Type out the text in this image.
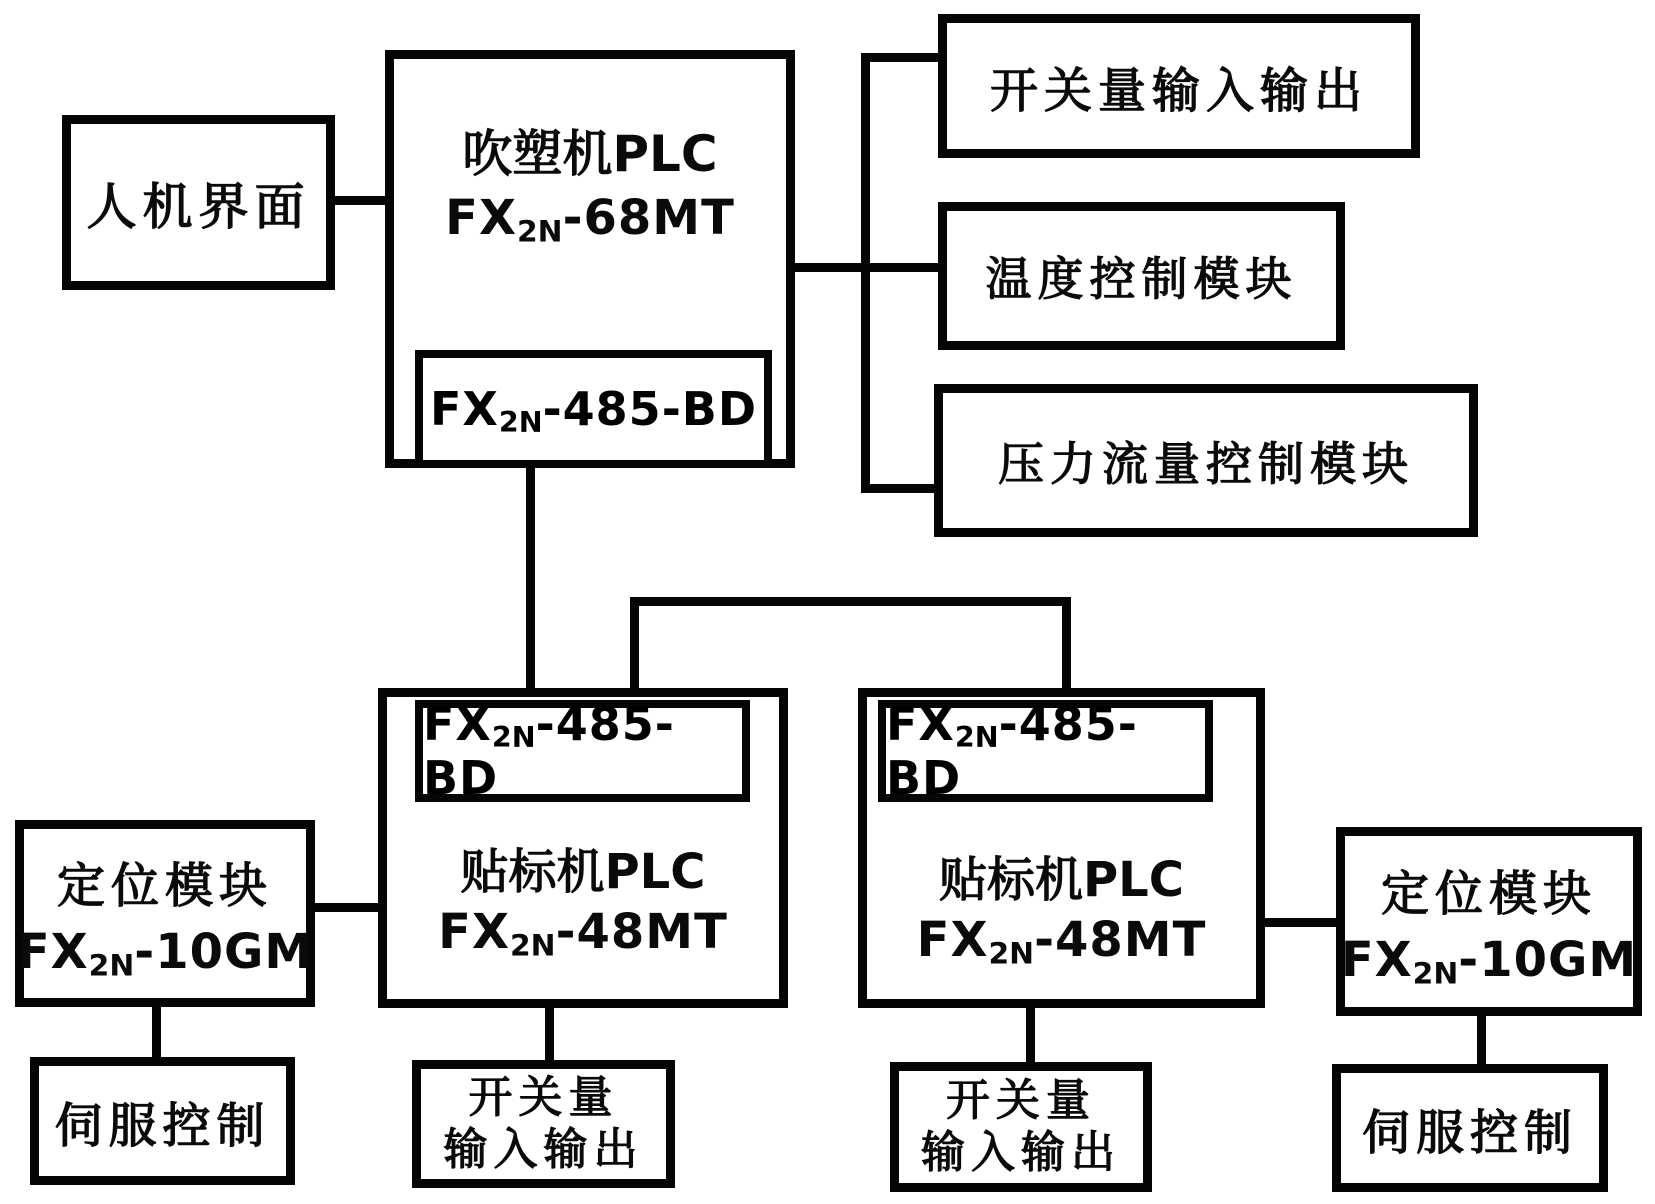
人机界面
吹塑机PLC
$FX_{2N}-68MT$
$FX_{2N}-485-BD$
开关量输入输出
温度控制模块
压力流量控制模块
$FX_{2N}-485-BD$
贴标机PLC
$FX_{2N}-48MT$
$FX_{2N}-485-BD$
贴标机PLC
$FX_{2N}-48MT$
定位模块
$FX_{2N}-10GM$
定位模块
$FX_{2N}-10GM$
伺服控制	伺服控制
开关量
输入输出
开关量
输入输出
